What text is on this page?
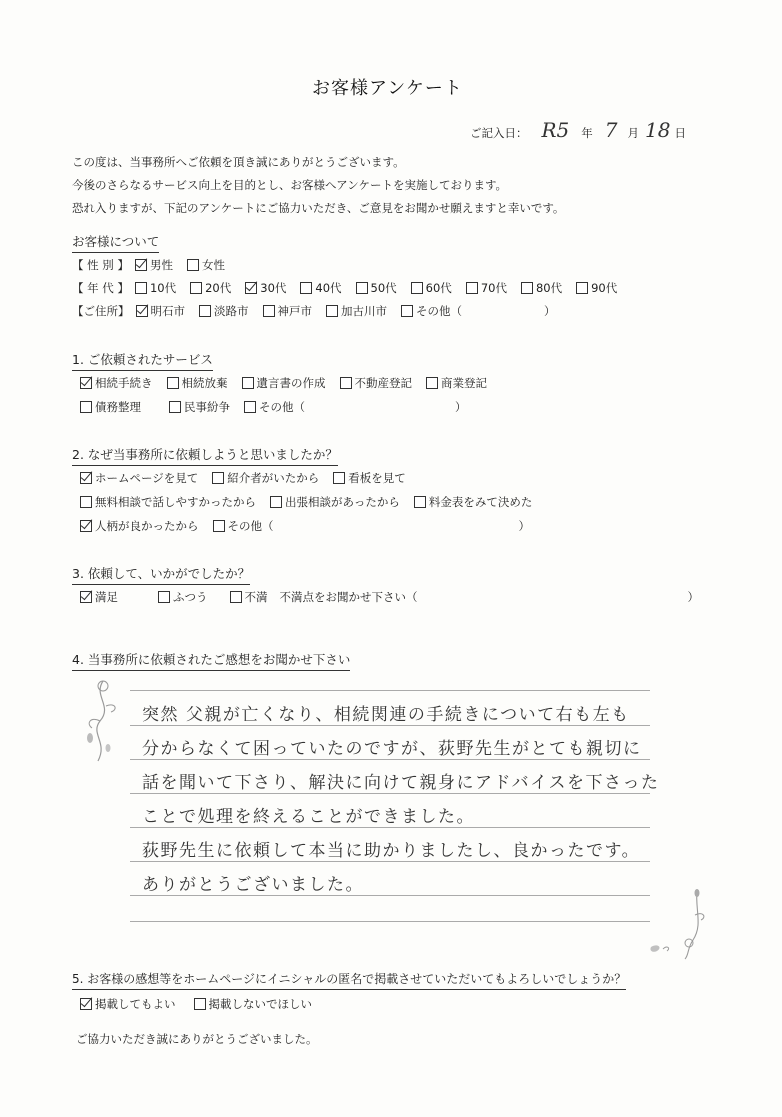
お客様アンケート
ご記入日： R5 年 7 月 18 日
この度は、当事務所へご依頼を頂き誠にありがとうございます。
今後のさらなるサービス向上を目的とし、お客様へアンケートを実施しております。
恐れ入りますが、下記のアンケートにご協力いただき、ご意見をお聞かせ願えますと幸いです。
お客様について
【 性 別 】 男性	女性
【 年 代 】 10代	20代	30代	40代	50代	60代	70代	80代	90代
【ご住所】 明石市	淡路市	神戸市	加古川市	その他（	）
1. ご依頼されたサービス
相続手続き	相続放棄	遺言書の作成	不動産登記	商業登記
債務整理	民事紛争	その他（	）
2. なぜ当事務所に依頼しようと思いましたか？
ホームページを見て	紹介者がいたから	看板を見て
無料相談で話しやすかったから	出張相談があったから	料金表をみて決めた
人柄が良かったから	その他（	）
3. 依頼して、いかがでしたか？
満足	ふつう	不満 不満点をお聞かせ下さい（	）
4. 当事務所に依頼されたご感想をお聞かせ下さい
突然 父親が亡くなり、相続関連の手続きについて右も左も
分からなくて困っていたのですが、荻野先生がとても親切に
話を聞いて下さり、解決に向けて親身にアドバイスを下さった
ことで処理を終えることができました。
荻野先生に依頼して本当に助かりましたし、良かったです。
ありがとうございました。
5. お客様の感想等をホームページにイニシャルの匿名で掲載させていただいてもよろしいでしょうか？
掲載してもよい	掲載しないでほしい
ご協力いただき誠にありがとうございました。
